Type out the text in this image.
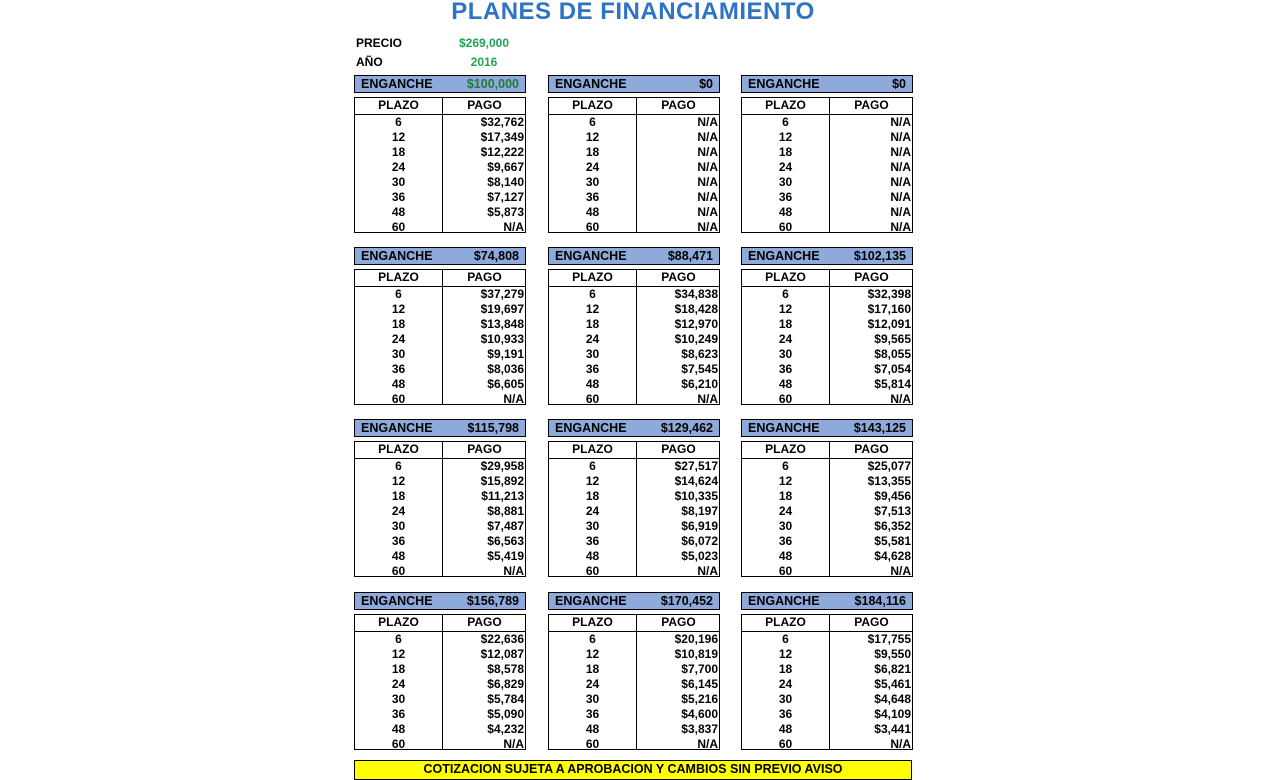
PLANES DE FINANCIAMIENTO
PRECIO	$269,000
AÑO	2016
ENGANCHE	$100,000
PLAZO	PAGO
6	$32,762
12	$17,349
18	$12,222
24	$9,667
30	$8,140
36	$7,127
48	$5,873
60	N/A
ENGANCHE	$0
PLAZO	PAGO
6	N/A
12	N/A
18	N/A
24	N/A
30	N/A
36	N/A
48	N/A
60	N/A
ENGANCHE	$0
PLAZO	PAGO
6	N/A
12	N/A
18	N/A
24	N/A
30	N/A
36	N/A
48	N/A
60	N/A
ENGANCHE	$74,808
PLAZO	PAGO
6	$37,279
12	$19,697
18	$13,848
24	$10,933
30	$9,191
36	$8,036
48	$6,605
60	N/A
ENGANCHE	$88,471
PLAZO	PAGO
6	$34,838
12	$18,428
18	$12,970
24	$10,249
30	$8,623
36	$7,545
48	$6,210
60	N/A
ENGANCHE	$102,135
PLAZO	PAGO
6	$32,398
12	$17,160
18	$12,091
24	$9,565
30	$8,055
36	$7,054
48	$5,814
60	N/A
ENGANCHE	$115,798
PLAZO	PAGO
6	$29,958
12	$15,892
18	$11,213
24	$8,881
30	$7,487
36	$6,563
48	$5,419
60	N/A
ENGANCHE	$129,462
PLAZO	PAGO
6	$27,517
12	$14,624
18	$10,335
24	$8,197
30	$6,919
36	$6,072
48	$5,023
60	N/A
ENGANCHE	$143,125
PLAZO	PAGO
6	$25,077
12	$13,355
18	$9,456
24	$7,513
30	$6,352
36	$5,581
48	$4,628
60	N/A
ENGANCHE	$156,789
PLAZO	PAGO
6	$22,636
12	$12,087
18	$8,578
24	$6,829
30	$5,784
36	$5,090
48	$4,232
60	N/A
ENGANCHE	$170,452
PLAZO	PAGO
6	$20,196
12	$10,819
18	$7,700
24	$6,145
30	$5,216
36	$4,600
48	$3,837
60	N/A
ENGANCHE	$184,116
PLAZO	PAGO
6	$17,755
12	$9,550
18	$6,821
24	$5,461
30	$4,648
36	$4,109
48	$3,441
60	N/A
COTIZACION SUJETA A APROBACION Y CAMBIOS SIN PREVIO AVISO
